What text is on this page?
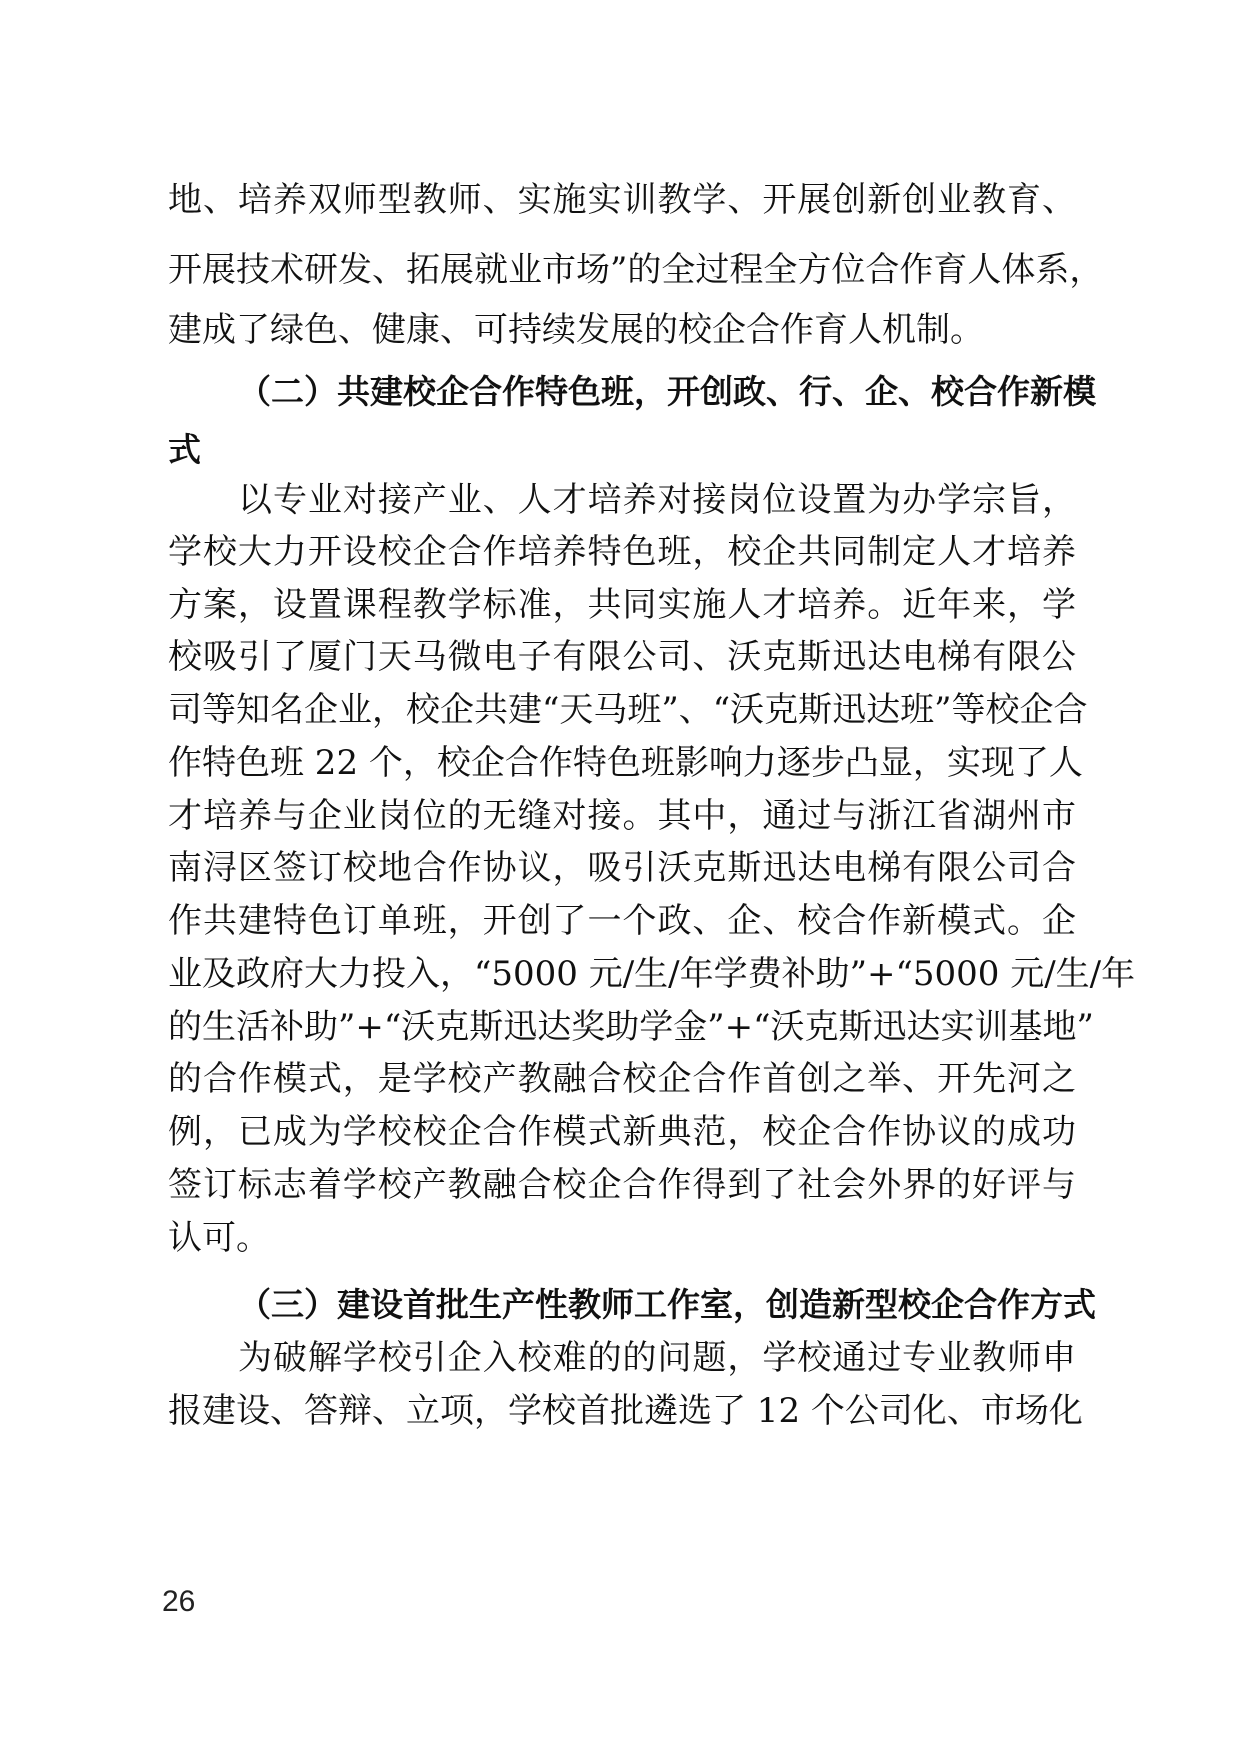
地、培养双师型教师、实施实训教学、开展创新创业教育、
开展技术研发、拓展就业市场”的全过程全方位合作育人体系，
建成了绿色、健康、可持续发展的校企合作育人机制。
（二）共建校企合作特色班，开创政、行、企、校合作新模
式
以专业对接产业、人才培养对接岗位设置为办学宗旨，
学校大力开设校企合作培养特色班，校企共同制定人才培养
方案，设置课程教学标准，共同实施人才培养。近年来，学
校吸引了厦门天马微电子有限公司、沃克斯迅达电梯有限公
司等知名企业，校企共建“天马班”、“沃克斯迅达班”等校企合
作特色班 22 个，校企合作特色班影响力逐步凸显，实现了人
才培养与企业岗位的无缝对接。其中，通过与浙江省湖州市
南浔区签订校地合作协议，吸引沃克斯迅达电梯有限公司合
作共建特色订单班，开创了一个政、企、校合作新模式。企
业及政府大力投入，“5000 元/生/年学费补助”+“5000 元/生/年
的生活补助”+“沃克斯迅达奖助学金”+“沃克斯迅达实训基地”
的合作模式，是学校产教融合校企合作首创之举、开先河之
例，已成为学校校企合作模式新典范，校企合作协议的成功
签订标志着学校产教融合校企合作得到了社会外界的好评与
认可。
（三）建设首批生产性教师工作室，创造新型校企合作方式
为破解学校引企入校难的的问题，学校通过专业教师申
报建设、答辩、立项，学校首批遴选了 12 个公司化、市场化
26
